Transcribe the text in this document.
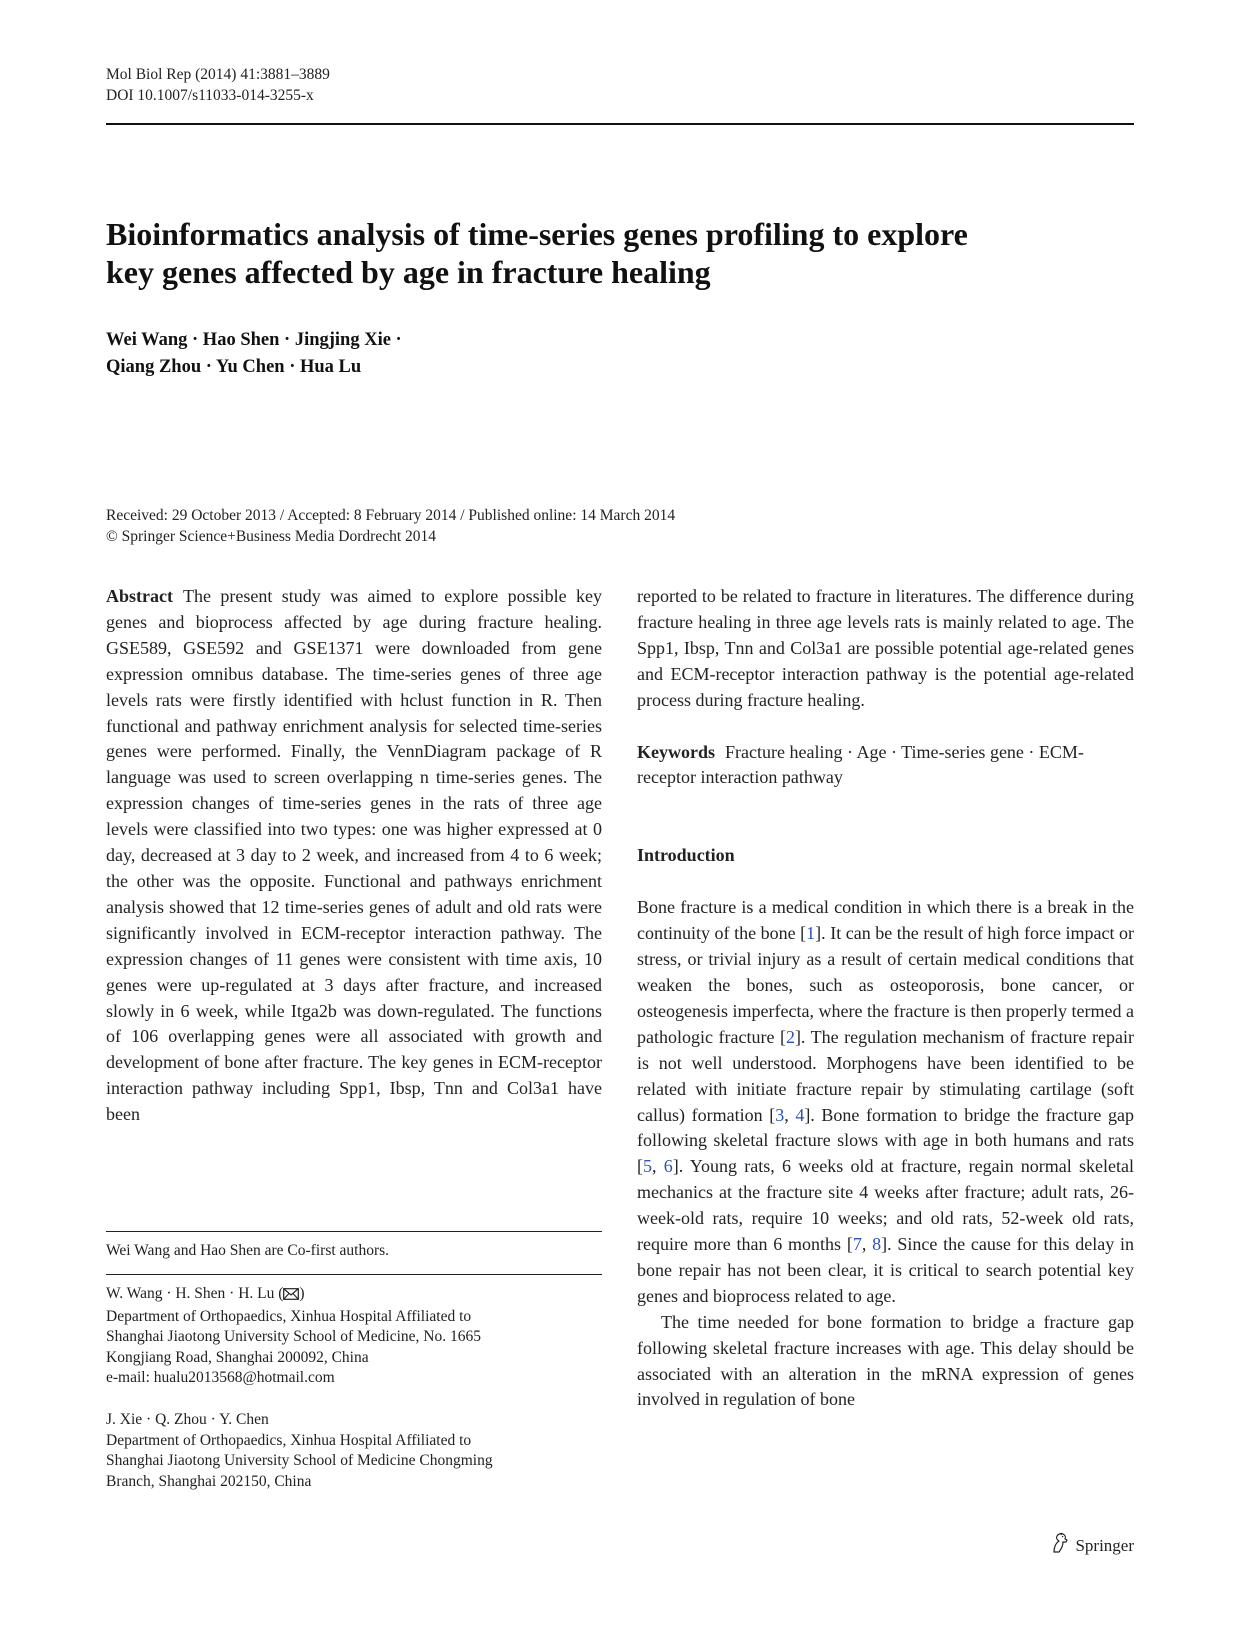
Mol Biol Rep (2014) 41:3881–3889
DOI 10.1007/s11033-014-3255-x
Bioinformatics analysis of time-series genes profiling to explore
key genes affected by age in fracture healing
Wei Wang · Hao Shen · Jingjing Xie ·
Qiang Zhou · Yu Chen · Hua Lu
Received: 29 October 2013 / Accepted: 8 February 2014 / Published online: 14 March 2014
© Springer Science+Business Media Dordrecht 2014

Abstract The present study was aimed to explore possible key genes and bioprocess affected by age during fracture healing. GSE589, GSE592 and GSE1371 were downloaded from gene expression omnibus database. The time-series genes of three age levels rats were firstly identified with hclust function in R. Then functional and pathway enrichment analysis for selected time-series genes were performed. Finally, the VennDiagram package of R language was used to screen overlapping n time-series genes. The expression changes of time-series genes in the rats of three age levels were classified into two types: one was higher expressed at 0 day, decreased at 3 day to 2 week, and increased from 4 to 6 week; the other was the opposite. Functional and pathways enrichment analysis showed that 12 time-series genes of adult and old rats were significantly involved in ECM-receptor interaction pathway. The expression changes of 11 genes were consistent with time axis, 10 genes were up-regulated at 3 days after fracture, and increased slowly in 6 week, while Itga2b was down-regulated. The functions of 106 overlapping genes were all associated with growth and development of bone after fracture. The key genes in ECM-receptor interaction pathway including Spp1, Ibsp, Tnn and Col3a1 have been

reported to be related to fracture in literatures. The difference during fracture healing in three age levels rats is mainly related to age. The Spp1, Ibsp, Tnn and Col3a1 are possible potential age-related genes and ECM-receptor interaction pathway is the potential age-related process during fracture healing.

Keywords Fracture healing · Age · Time-series gene · ECM-receptor interaction pathway

Introduction

Bone fracture is a medical condition in which there is a break in the continuity of the bone [1]. It can be the result of high force impact or stress, or trivial injury as a result of certain medical conditions that weaken the bones, such as osteoporosis, bone cancer, or osteogenesis imperfecta, where the fracture is then properly termed a pathologic fracture [2]. The regulation mechanism of fracture repair is not well understood. Morphogens have been identified to be related with initiate fracture repair by stimulating cartilage (soft callus) formation [3, 4]. Bone formation to bridge the fracture gap following skeletal fracture slows with age in both humans and rats [5, 6]. Young rats, 6 weeks old at fracture, regain normal skeletal mechanics at the fracture site 4 weeks after fracture; adult rats, 26-week-old rats, require 10 weeks; and old rats, 52-week old rats, require more than 6 months [7, 8]. Since the cause for this delay in bone repair has not been clear, it is critical to search potential key genes and bioprocess related to age.

The time needed for bone formation to bridge a fracture gap following skeletal fracture increases with age. This delay should be associated with an alteration in the mRNA expression of genes involved in regulation of bone

Wei Wang and Hao Shen are Co-first authors.
W. Wang · H. Shen · H. Lu ( )
Department of Orthopaedics, Xinhua Hospital Affiliated to
Shanghai Jiaotong University School of Medicine, No. 1665
Kongjiang Road, Shanghai 200092, China
e-mail: hualu2013568@hotmail.com
J. Xie · Q. Zhou · Y. Chen
Department of Orthopaedics, Xinhua Hospital Affiliated to
Shanghai Jiaotong University School of Medicine Chongming
Branch, Shanghai 202150, China
Springer
